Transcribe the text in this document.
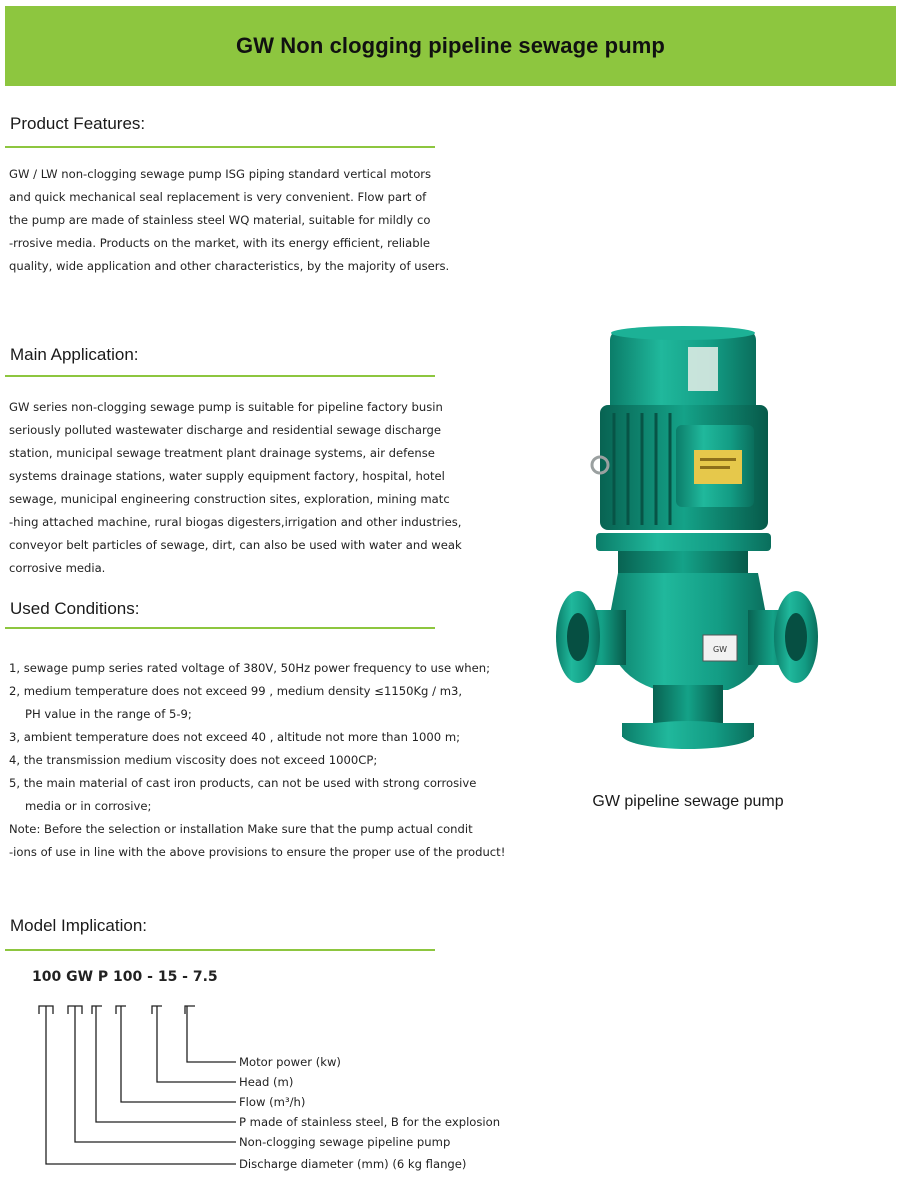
GW Non clogging pipeline sewage pump
Product Features:

GW / LW non-clogging sewage pump ISG piping standard vertical motors

and quick mechanical seal replacement is very convenient. Flow part of

the pump are made of stainless steel WQ material, suitable for mildly co

-rrosive media. Products on the market, with its energy efficient, reliable

quality, wide application and other characteristics, by the majority of users.

Main Application:

GW series non-clogging sewage pump is suitable for pipeline factory busin

seriously polluted wastewater discharge and residential sewage discharge

station, municipal sewage treatment plant drainage systems, air defense

systems drainage stations, water supply equipment factory, hospital, hotel

sewage, municipal engineering construction sites, exploration, mining matc

-hing attached machine, rural biogas digesters,irrigation and other industries,

conveyor belt particles of sewage, dirt, can also be used with water and weak

corrosive media.

Used Conditions:

1, sewage pump series rated voltage of 380V, 50Hz power frequency to use when;

2, medium temperature does not exceed 99 , medium density ≤1150Kg / m3,

PH value in the range of 5-9;

3, ambient temperature does not exceed 40 , altitude not more than 1000 m;

4, the transmission medium viscosity does not exceed 1000CP;

5, the main material of cast iron products, can not be used with strong corrosive

media or in corrosive;

Note: Before the selection or installation Make sure that the pump actual condit

-ions of use in line with the above provisions to ensure the proper use of the product!

GW
GW pipeline sewage pump
Model Implication:
100 GW P 100 - 15 - 7.5
Motor power (kw)
Head (m)
Flow (m³/h)
P made of stainless steel, B for the explosion
Non-clogging sewage pipeline pump
Discharge diameter (mm) (6 kg flange)
